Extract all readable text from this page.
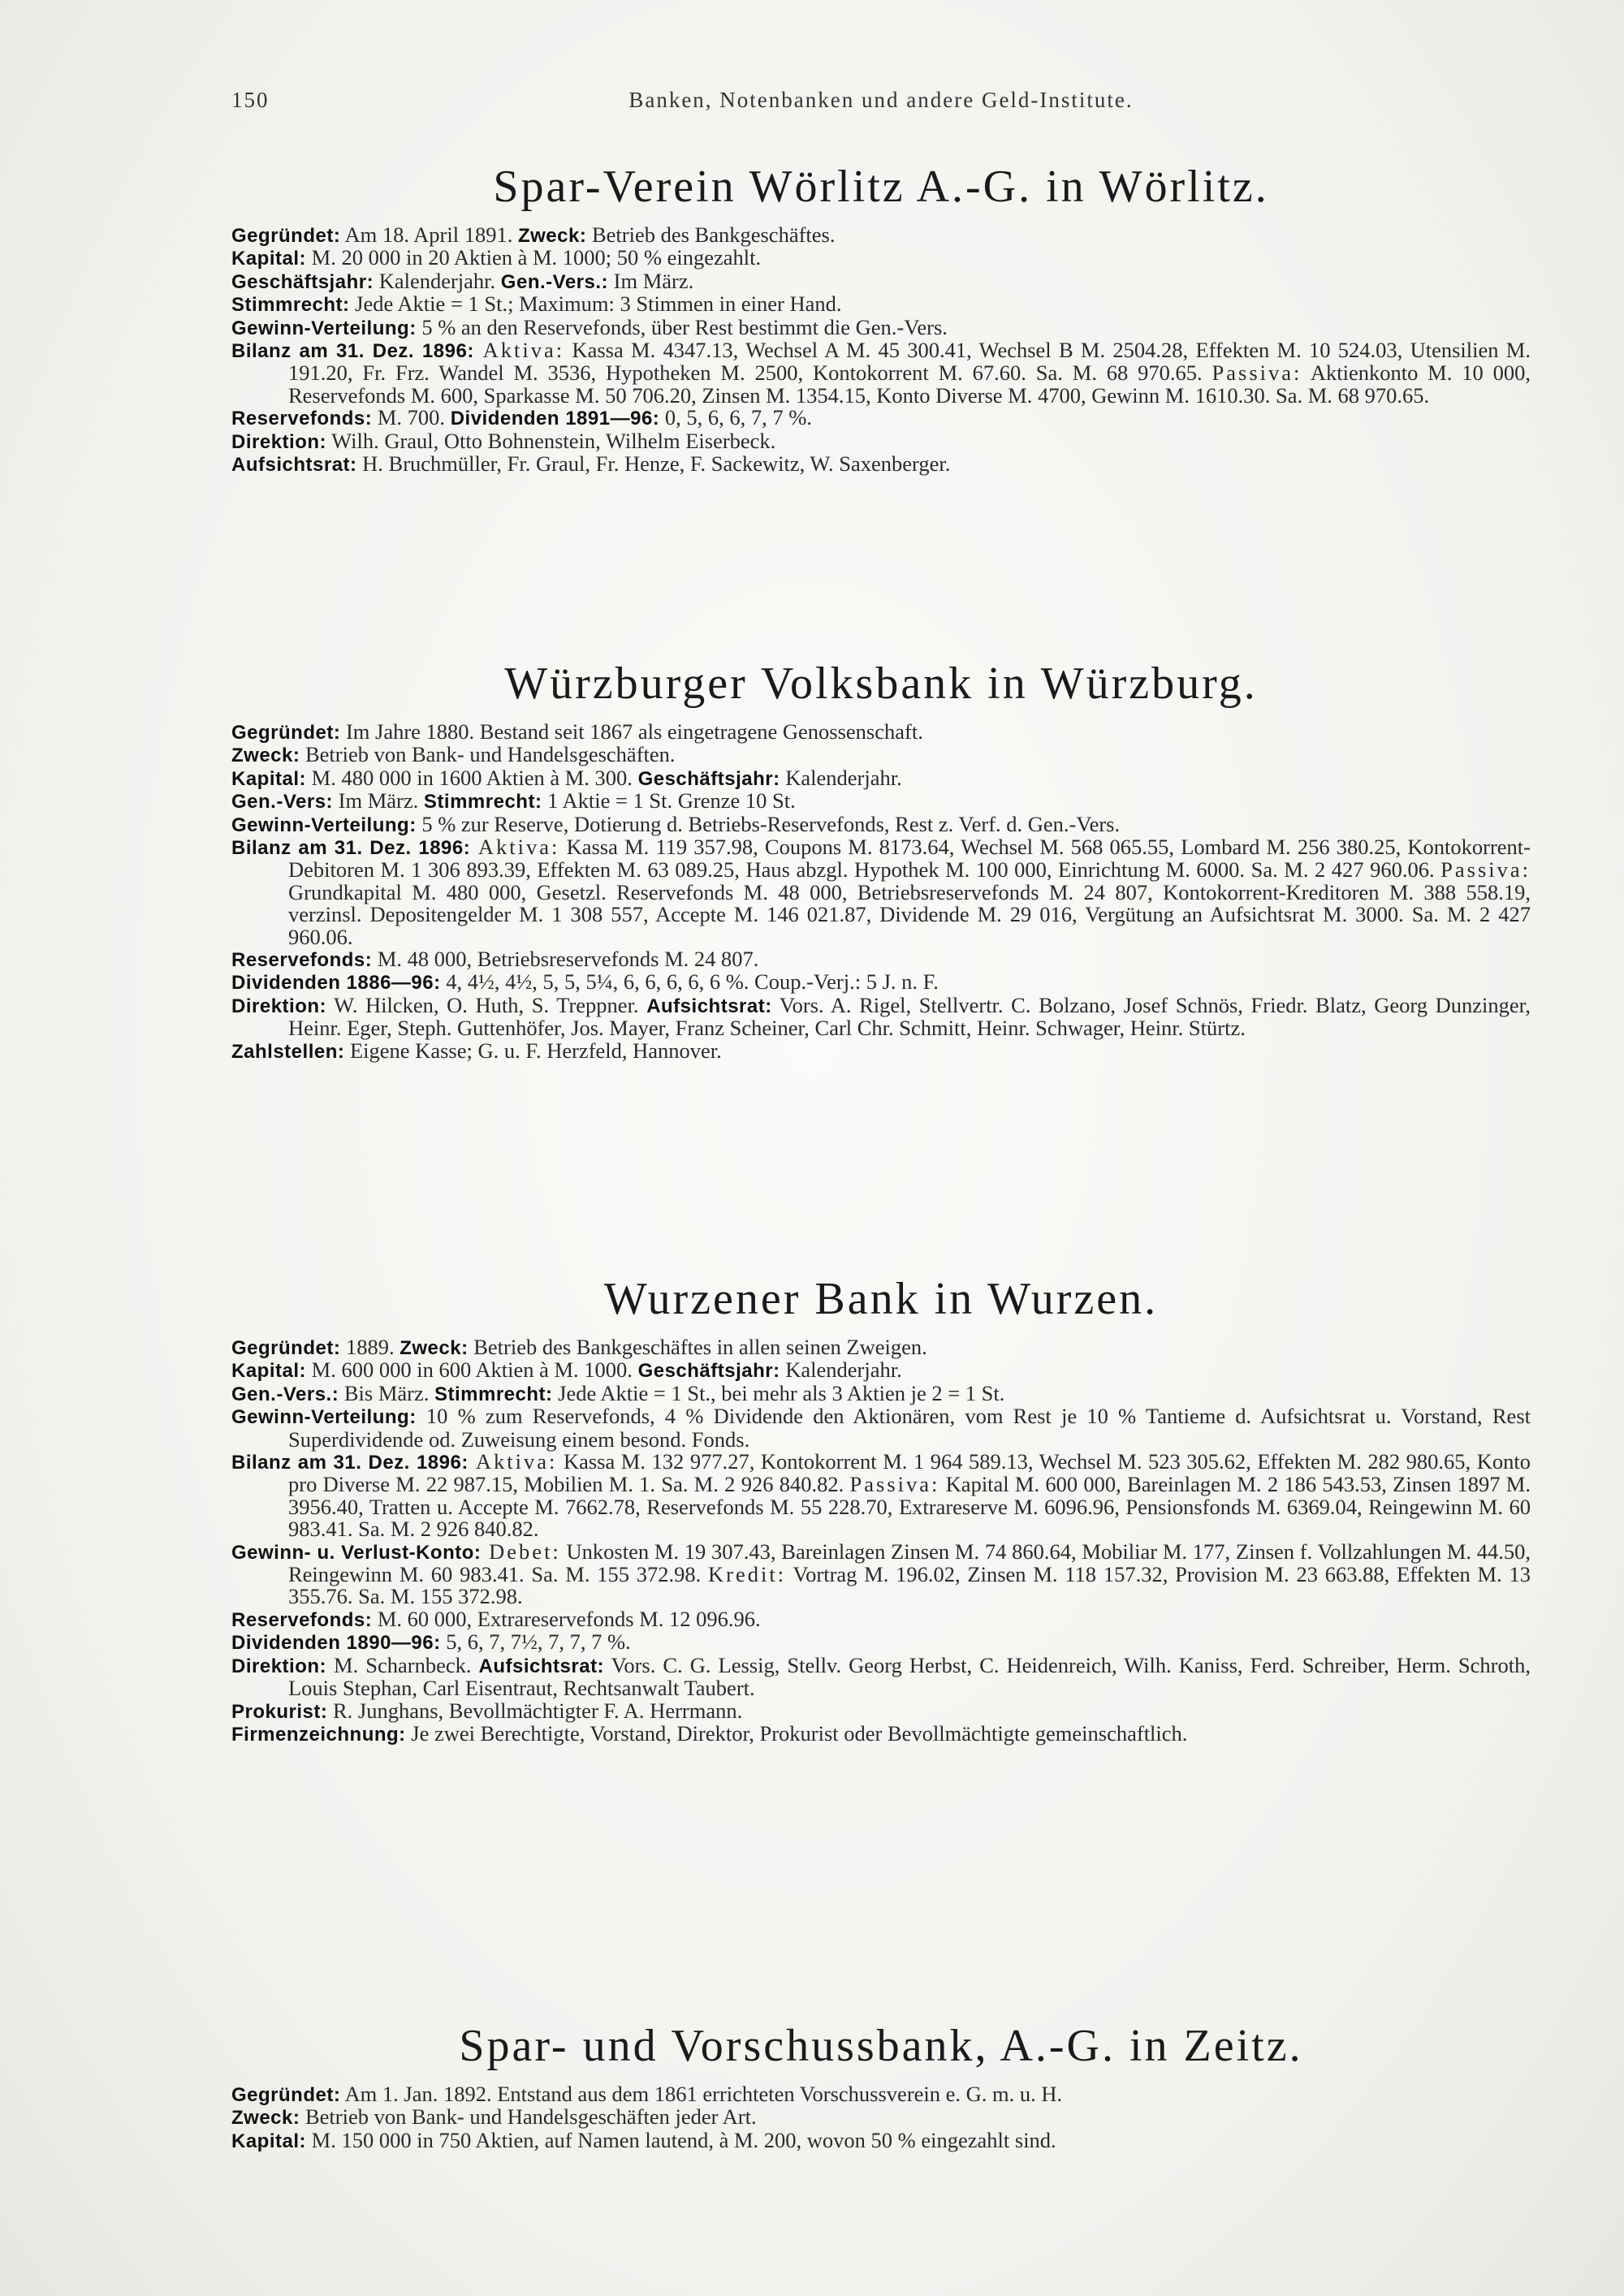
150	Banken, Notenbanken und andere Geld-Institute.
Spar-Verein Wörlitz A.-G. in Wörlitz.
Gegründet: Am 18. April 1891. Zweck: Betrieb des Bankgeschäftes.
Kapital: M. 20 000 in 20 Aktien à M. 1000; 50 % eingezahlt.
Geschäftsjahr: Kalenderjahr. Gen.-Vers.: Im März.
Stimmrecht: Jede Aktie = 1 St.; Maximum: 3 Stimmen in einer Hand.
Gewinn-Verteilung: 5 % an den Reservefonds, über Rest bestimmt die Gen.-Vers.
Bilanz am 31. Dez. 1896: Aktiva: Kassa M. 4347.13, Wechsel A M. 45 300.41, Wechsel B M. 2504.28, Effekten M. 10 524.03, Utensilien M. 191.20, Fr. Frz. Wandel M. 3536, Hypotheken M. 2500, Kontokorrent M. 67.60. Sa. M. 68 970.65. Passiva: Aktienkonto M. 10 000, Reservefonds M. 600, Sparkasse M. 50 706.20, Zinsen M. 1354.15, Konto Diverse M. 4700, Gewinn M. 1610.30. Sa. M. 68 970.65.
Reservefonds: M. 700. Dividenden 1891—96: 0, 5, 6, 6, 7, 7 %.
Direktion: Wilh. Graul, Otto Bohnenstein, Wilhelm Eiserbeck.
Aufsichtsrat: H. Bruchmüller, Fr. Graul, Fr. Henze, F. Sackewitz, W. Saxenberger.
Würzburger Volksbank in Würzburg.
Gegründet: Im Jahre 1880. Bestand seit 1867 als eingetragene Genossenschaft.
Zweck: Betrieb von Bank- und Handelsgeschäften.
Kapital: M. 480 000 in 1600 Aktien à M. 300. Geschäftsjahr: Kalenderjahr.
Gen.-Vers: Im März. Stimmrecht: 1 Aktie = 1 St. Grenze 10 St.
Gewinn-Verteilung: 5 % zur Reserve, Dotierung d. Betriebs-Reservefonds, Rest z. Verf. d. Gen.-Vers.
Bilanz am 31. Dez. 1896: Aktiva: Kassa M. 119 357.98, Coupons M. 8173.64, Wechsel M. 568 065.55, Lombard M. 256 380.25, Kontokorrent-Debitoren M. 1 306 893.39, Effekten M. 63 089.25, Haus abzgl. Hypothek M. 100 000, Einrichtung M. 6000. Sa. M. 2 427 960.06. Passiva: Grundkapital M. 480 000, Gesetzl. Reservefonds M. 48 000, Betriebsreservefonds M. 24 807, Kontokorrent-Kreditoren M. 388 558.19, verzinsl. Depositengelder M. 1 308 557, Accepte M. 146 021.87, Dividende M. 29 016, Vergütung an Aufsichtsrat M. 3000. Sa. M. 2 427 960.06.
Reservefonds: M. 48 000, Betriebsreservefonds M. 24 807.
Dividenden 1886—96: 4, 4½, 4½, 5, 5, 5¼, 6, 6, 6, 6, 6 %. Coup.-Verj.: 5 J. n. F.
Direktion: W. Hilcken, O. Huth, S. Treppner. Aufsichtsrat: Vors. A. Rigel, Stellvertr. C. Bolzano, Josef Schnös, Friedr. Blatz, Georg Dunzinger, Heinr. Eger, Steph. Guttenhöfer, Jos. Mayer, Franz Scheiner, Carl Chr. Schmitt, Heinr. Schwager, Heinr. Stürtz.
Zahlstellen: Eigene Kasse; G. u. F. Herzfeld, Hannover.
Wurzener Bank in Wurzen.
Gegründet: 1889. Zweck: Betrieb des Bankgeschäftes in allen seinen Zweigen.
Kapital: M. 600 000 in 600 Aktien à M. 1000. Geschäftsjahr: Kalenderjahr.
Gen.-Vers.: Bis März. Stimmrecht: Jede Aktie = 1 St., bei mehr als 3 Aktien je 2 = 1 St.
Gewinn-Verteilung: 10 % zum Reservefonds, 4 % Dividende den Aktionären, vom Rest je 10 % Tantieme d. Aufsichtsrat u. Vorstand, Rest Superdividende od. Zuweisung einem besond. Fonds.
Bilanz am 31. Dez. 1896: Aktiva: Kassa M. 132 977.27, Kontokorrent M. 1 964 589.13, Wechsel M. 523 305.62, Effekten M. 282 980.65, Konto pro Diverse M. 22 987.15, Mobilien M. 1. Sa. M. 2 926 840.82. Passiva: Kapital M. 600 000, Bareinlagen M. 2 186 543.53, Zinsen 1897 M. 3956.40, Tratten u. Accepte M. 7662.78, Reservefonds M. 55 228.70, Extrareserve M. 6096.96, Pensionsfonds M. 6369.04, Reingewinn M. 60 983.41. Sa. M. 2 926 840.82.
Gewinn- u. Verlust-Konto: Debet: Unkosten M. 19 307.43, Bareinlagen Zinsen M. 74 860.64, Mobiliar M. 177, Zinsen f. Vollzahlungen M. 44.50, Reingewinn M. 60 983.41. Sa. M. 155 372.98. Kredit: Vortrag M. 196.02, Zinsen M. 118 157.32, Provision M. 23 663.88, Effekten M. 13 355.76. Sa. M. 155 372.98.
Reservefonds: M. 60 000, Extrareservefonds M. 12 096.96.
Dividenden 1890—96: 5, 6, 7, 7½, 7, 7, 7 %.
Direktion: M. Scharnbeck. Aufsichtsrat: Vors. C. G. Lessig, Stellv. Georg Herbst, C. Heidenreich, Wilh. Kaniss, Ferd. Schreiber, Herm. Schroth, Louis Stephan, Carl Eisentraut, Rechtsanwalt Taubert.
Prokurist: R. Junghans, Bevollmächtigter F. A. Herrmann.
Firmenzeichnung: Je zwei Berechtigte, Vorstand, Direktor, Prokurist oder Bevollmächtigte gemeinschaftlich.
Spar- und Vorschussbank, A.-G. in Zeitz.
Gegründet: Am 1. Jan. 1892. Entstand aus dem 1861 errichteten Vorschussverein e. G. m. u. H.
Zweck: Betrieb von Bank- und Handelsgeschäften jeder Art.
Kapital: M. 150 000 in 750 Aktien, auf Namen lautend, à M. 200, wovon 50 % eingezahlt sind.
